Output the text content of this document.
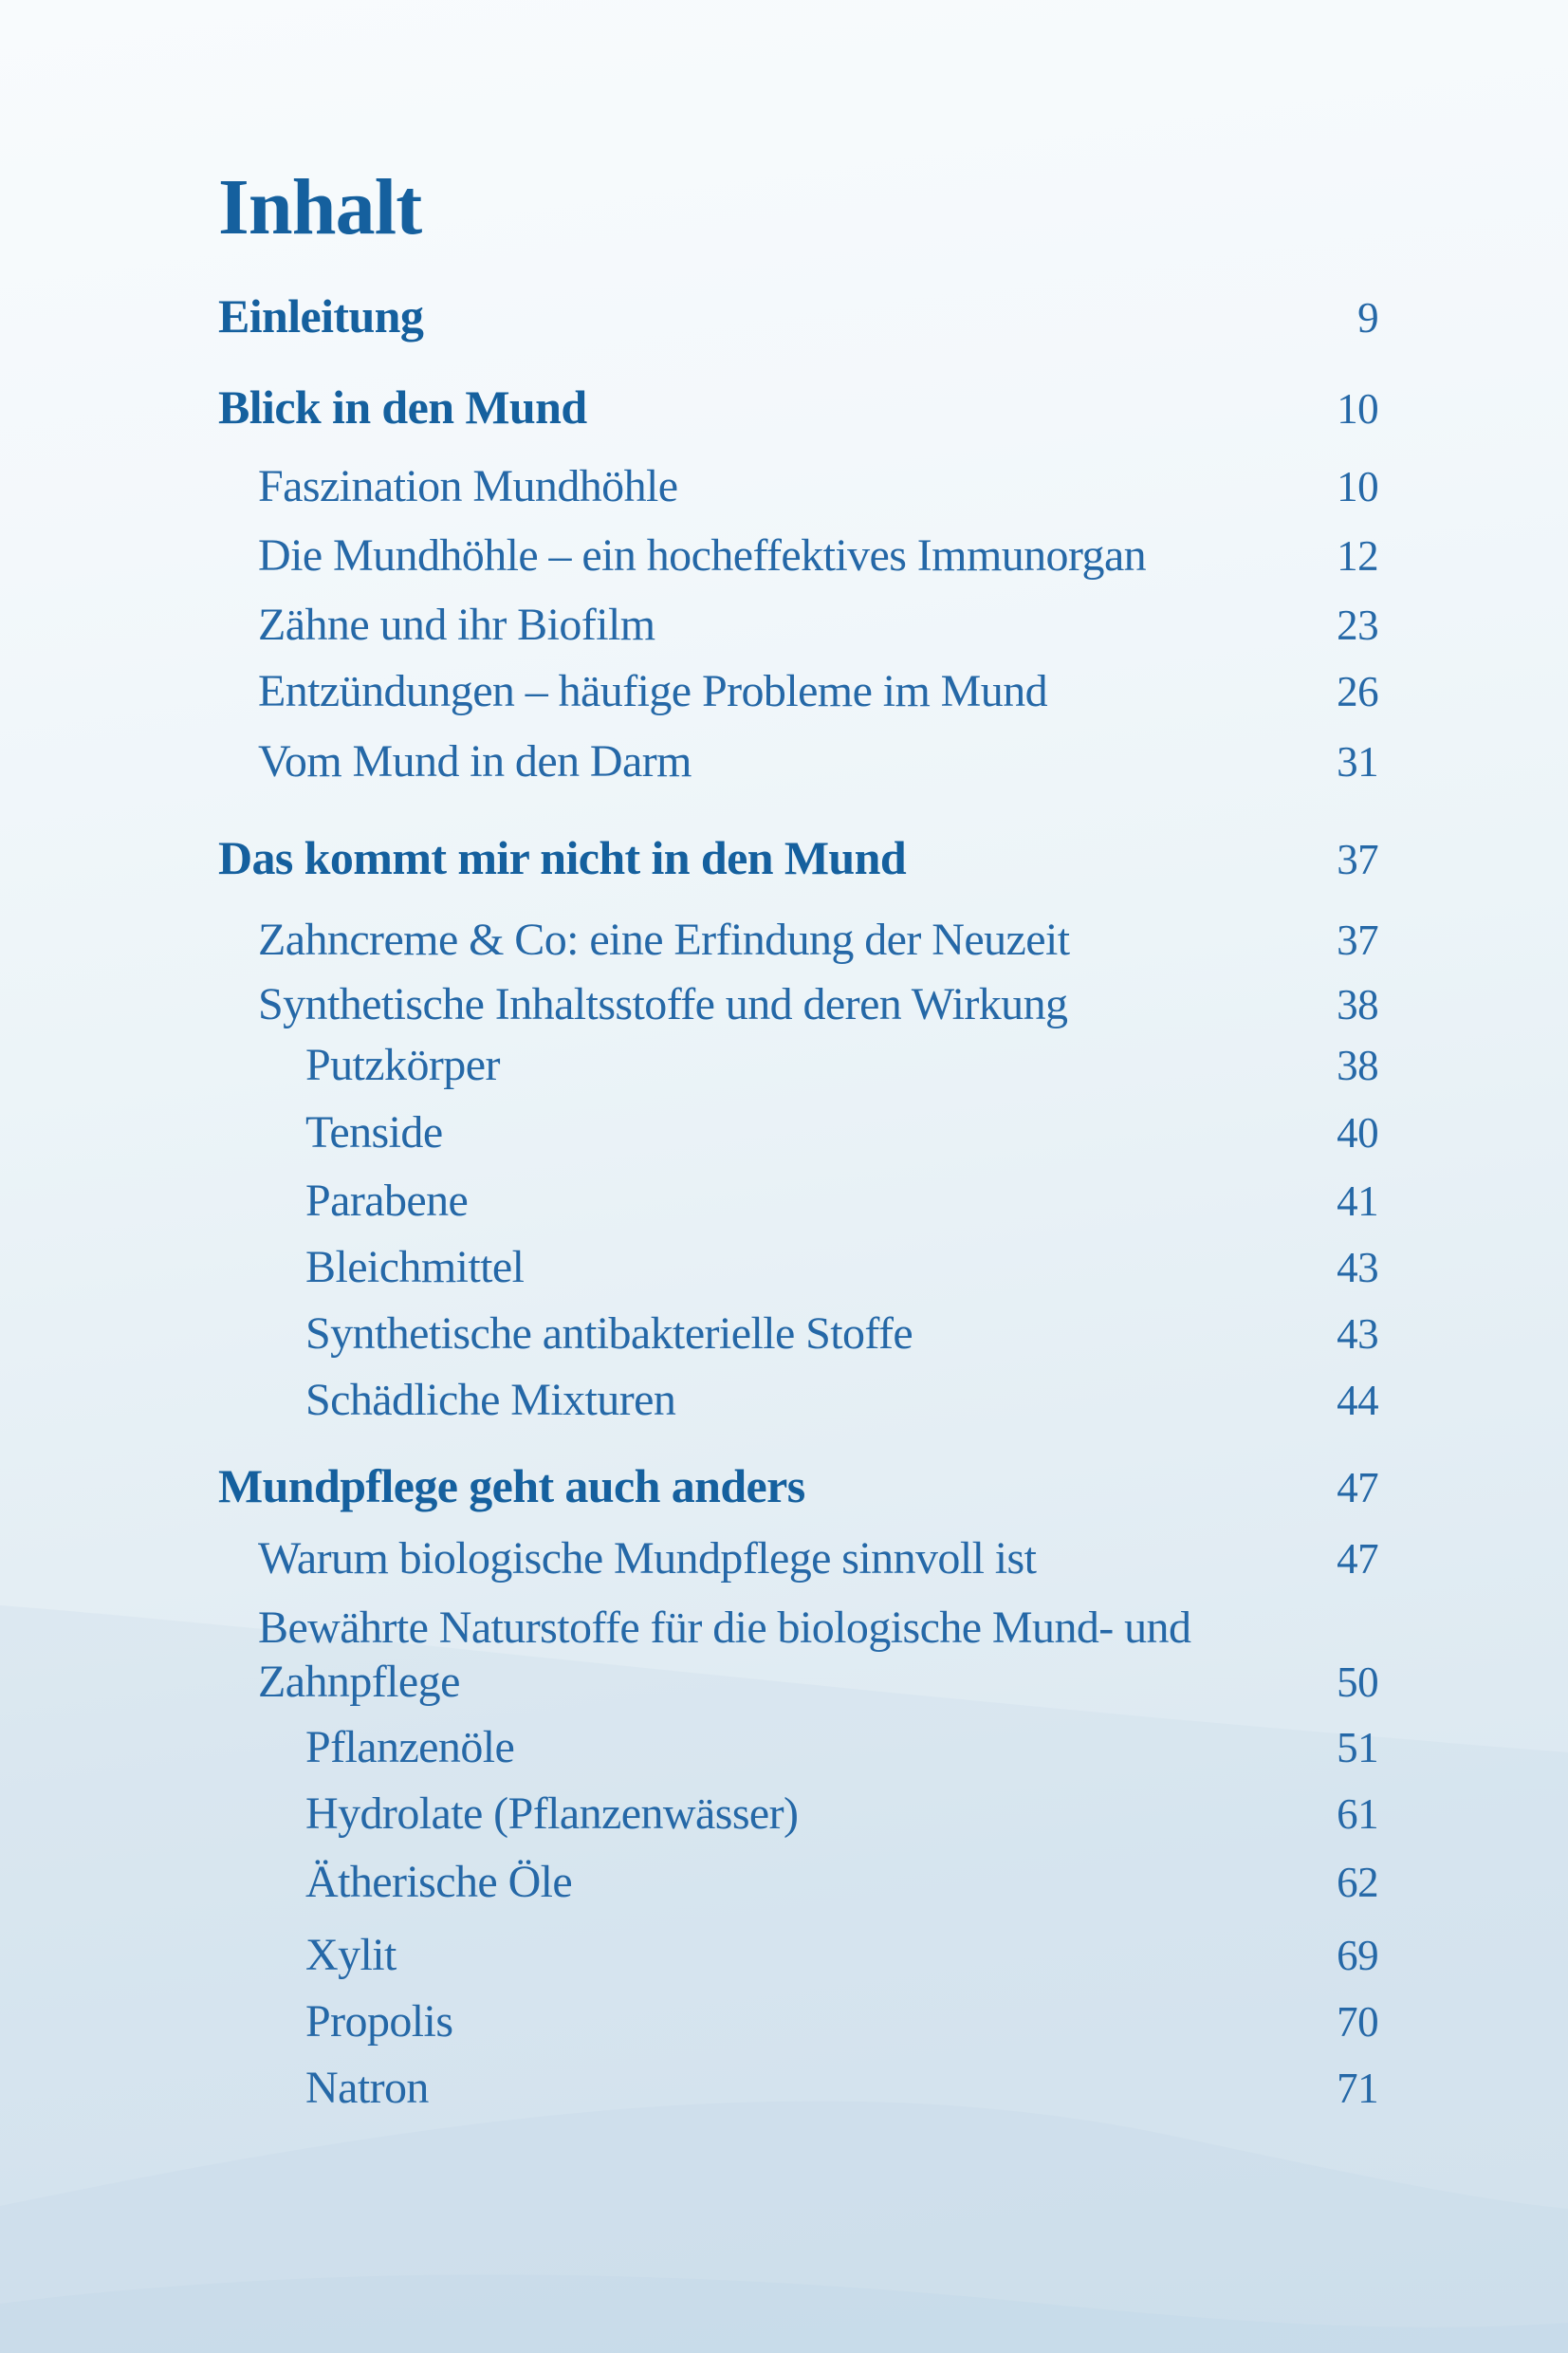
Inhalt
Einleitung	9
Blick in den Mund	10
Faszination Mundhöhle	10
Die Mundhöhle – ein hocheffektives Immunorgan	12
Zähne und ihr Biofilm	23
Entzündungen – häufige Probleme im Mund	26
Vom Mund in den Darm	31
Das kommt mir nicht in den Mund	37
Zahncreme & Co: eine Erfindung der Neuzeit	37
Synthetische Inhaltsstoffe und deren Wirkung	38
Putzkörper	38
Tenside	40
Parabene	41
Bleichmittel	43
Synthetische antibakterielle Stoffe	43
Schädliche Mixturen	44
Mundpflege geht auch anders	47
Warum biologische Mundpflege sinnvoll ist	47
Bewährte Naturstoffe für die biologische Mund- und
Zahnpflege	50
Pflanzenöle	51
Hydrolate (Pflanzenwässer)	61
Ätherische Öle	62
Xylit	69
Propolis	70
Natron	71
